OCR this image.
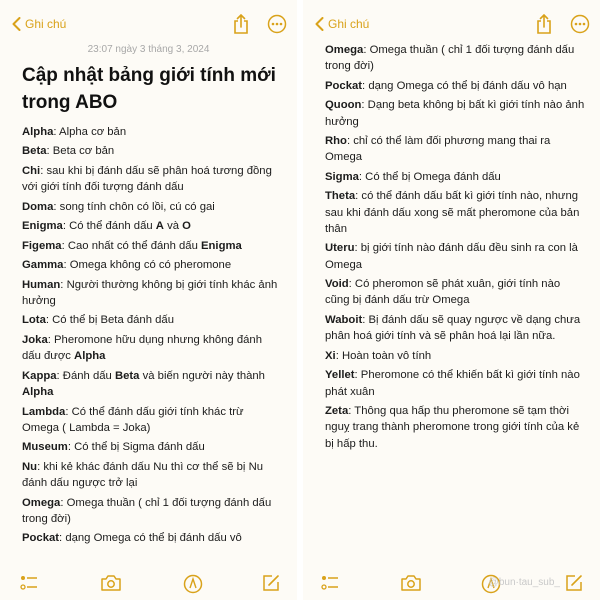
Ghi chú
23:07 ngày 3 tháng 3, 2024
Cập nhật bảng giới tính mới trong ABO
Alpha: Alpha cơ bản
Beta: Beta cơ bản
Chi: sau khi bị đánh dấu sẽ phân hoá tương đồng với giới tính đối tượng đánh dấu
Doma: song tính chôn có lồi, cú có gai
Enigma: Có thể đánh dấu A và O
Figema: Cao nhất có thể đánh dấu Enigma
Gamma: Omega không có có pheromone
Human: Người thường không bị giới tính khác ảnh hưởng
Lota: Có thể bị Beta đánh dấu
Joka: Pheromone hữu dụng nhưng không đánh dấu được Alpha
Kappa: Đánh dấu Beta và biến người này thành Alpha
Lambda: Có thể đánh dấu giới tính khác trừ Omega ( Lambda = Joka)
Museum: Có thể bị Sigma đánh dấu
Nu: khi kẻ khác đánh dấu Nu thì cơ thể sẽ bị Nu đánh dấu ngược trở lại
Omega: Omega thuần ( chỉ 1 đối tượng đánh dấu trong đời)
Pockat: dạng Omega có thể bị đánh dấu vô
Ghi chú
Omega: Omega thuần ( chỉ 1 đối tượng đánh dấu trong đời)
Pockat: dạng Omega có thể bị đánh dấu vô hạn
Quoon: Dạng beta không bị bất kì giới tính nào ảnh hưởng
Rho: chỉ có thể làm đối phương mang thai ra Omega
Sigma: Có thể bị Omega đánh dấu
Theta: có thể đánh dấu bất kì giới tính nào, nhưng sau khi đánh dấu xong sẽ mất pheromone của bản thân
Uteru: bị giới tính nào đánh dấu đều sinh ra con là Omega
Void: Có pheromon sẽ phát xuân, giới tính nào cũng bị đánh dấu trừ Omega
Waboit: Bị đánh dấu sẽ quay ngược về dạng chưa phân hoá giới tính và sẽ phân hoá lại lần nữa.
Xi: Hoàn toàn vô tính
Yellet: Pheromone có thể khiến bất kì giới tính nào phát xuân
Zeta: Thông qua hấp thu pheromone sẽ tạm thời nguỵ trang thành pheromone trong giới tính của kẻ bị hấp thu.
@bun·tau_sub_
